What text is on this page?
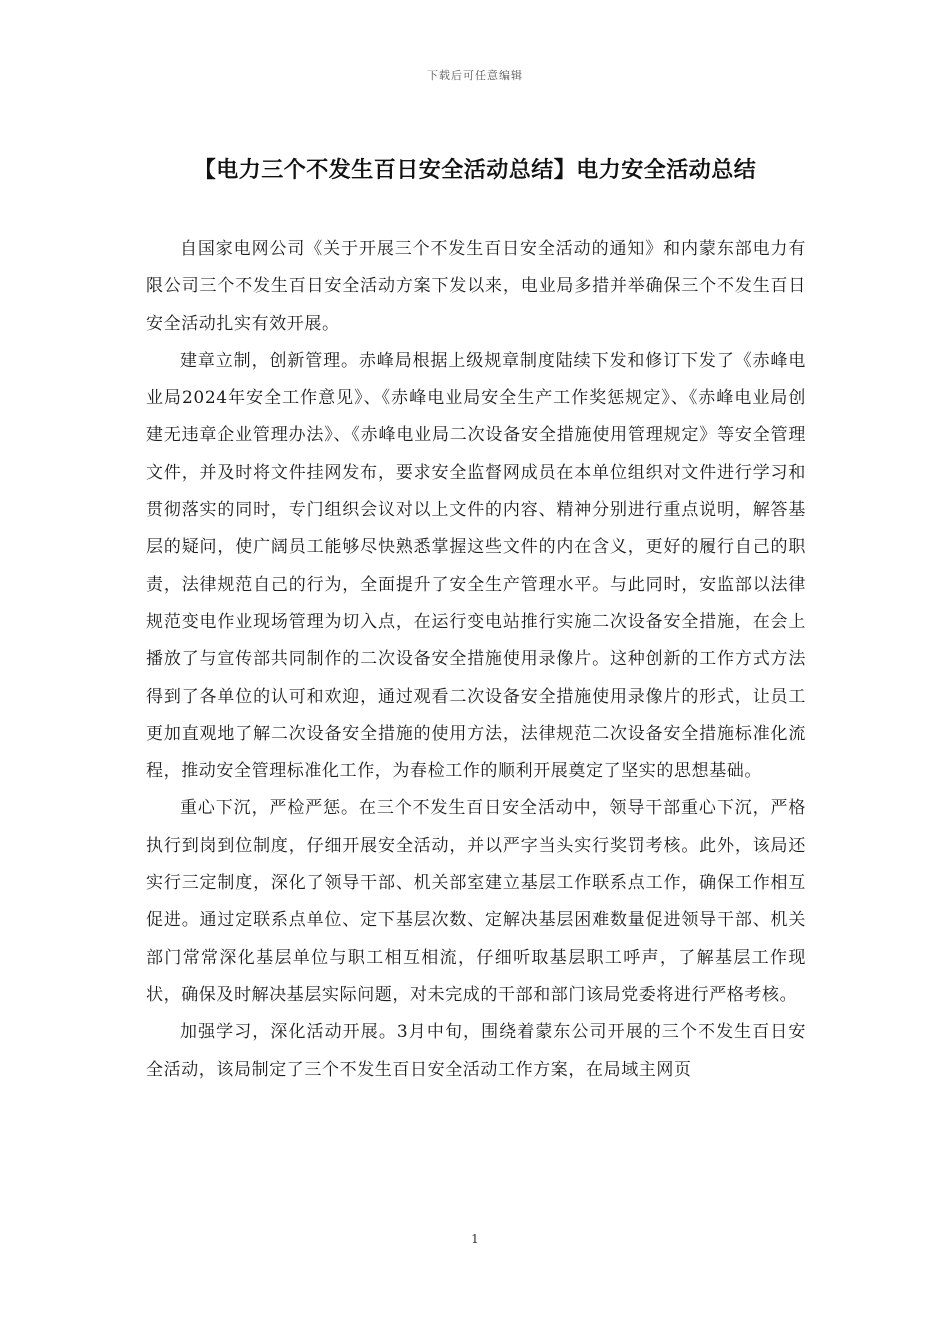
下载后可任意编辑
【电力三个不发生百日安全活动总结】电力安全活动总结

自国家电网公司《关于开展三个不发生百日安全活动的通知》和内蒙东部电力有限公司三个不发生百日安全活动方案下发以来，电业局多措并举确保三个不发生百日安全活动扎实有效开展。

建章立制，创新管理。赤峰局根据上级规章制度陆续下发和修订下发了《赤峰电业局2024年安全工作意见》、《赤峰电业局安全生产工作奖惩规定》、《赤峰电业局创建无违章企业管理办法》、《赤峰电业局二次设备安全措施使用管理规定》等安全管理文件，并及时将文件挂网发布，要求安全监督网成员在本单位组织对文件进行学习和贯彻落实的同时，专门组织会议对以上文件的内容、精神分别进行重点说明，解答基层的疑问，使广阔员工能够尽快熟悉掌握这些文件的内在含义，更好的履行自己的职责，法律规范自己的行为，全面提升了安全生产管理水平。与此同时，安监部以法律规范变电作业现场管理为切入点，在运行变电站推行实施二次设备安全措施，在会上播放了与宣传部共同制作的二次设备安全措施使用录像片。这种创新的工作方式方法得到了各单位的认可和欢迎，通过观看二次设备安全措施使用录像片的形式，让员工更加直观地了解二次设备安全措施的使用方法，法律规范二次设备安全措施标准化流程，推动安全管理标准化工作，为春检工作的顺利开展奠定了坚实的思想基础。

重心下沉，严检严惩。在三个不发生百日安全活动中，领导干部重心下沉，严格执行到岗到位制度，仔细开展安全活动，并以严字当头实行奖罚考核。此外，该局还实行三定制度，深化了领导干部、机关部室建立基层工作联系点工作，确保工作相互促进。通过定联系点单位、定下基层次数、定解决基层困难数量促进领导干部、机关部门常常深化基层单位与职工相互相流，仔细听取基层职工呼声，了解基层工作现状，确保及时解决基层实际问题，对未完成的干部和部门该局党委将进行严格考核。

加强学习，深化活动开展。3月中旬，围绕着蒙东公司开展的三个不发生百日安全活动，该局制定了三个不发生百日安全活动工作方案，在局域主网页

1
